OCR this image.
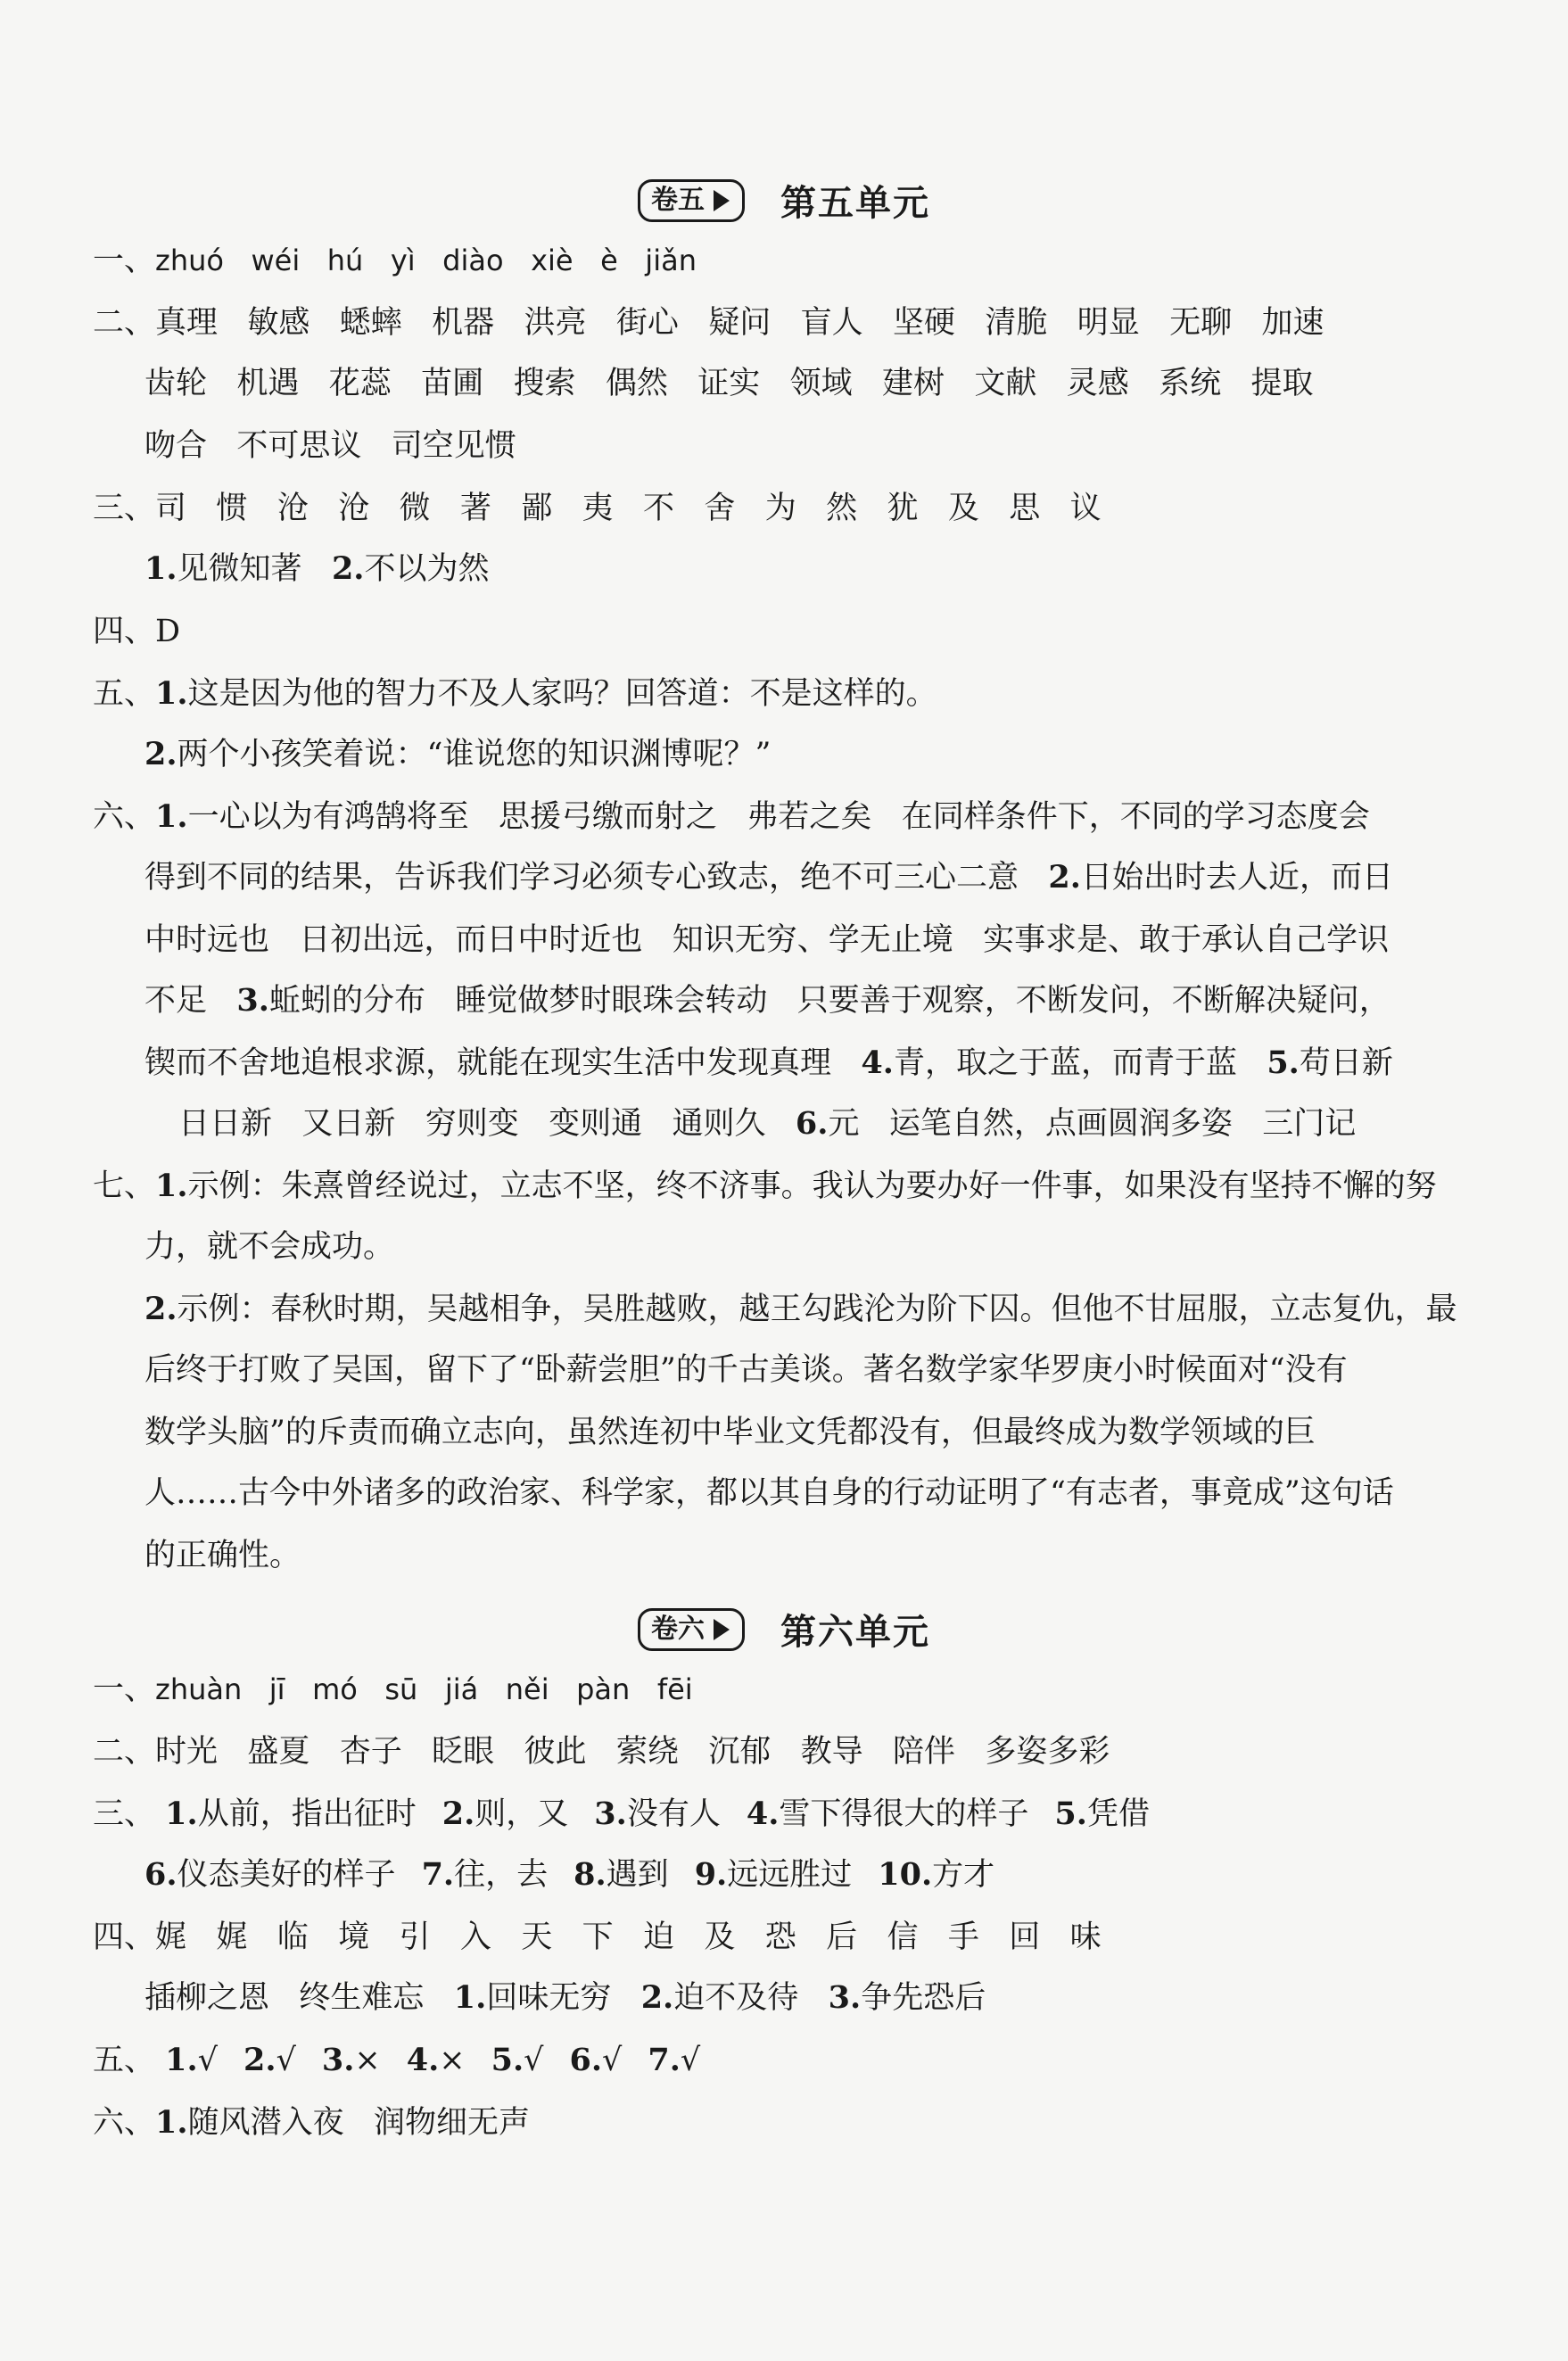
卷五 第五单元
一、zhuó   wéi   hú   yì   diào   xiè   è   jiǎn
二、真理   敏感   蟋蟀   机器   洪亮   街心   疑问   盲人   坚硬   清脆   明显   无聊   加速
齿轮   机遇   花蕊   苗圃   搜索   偶然   证实   领域   建树   文献   灵感   系统   提取
吻合   不可思议   司空见惯
三、司   惯   沧   沧   微   著   鄙   夷   不   舍   为   然   犹   及   思   议
1.见微知著 2.不以为然
四、D
五、1.这是因为他的智力不及人家吗？回答道：不是这样的。
2.两个小孩笑着说：“谁说您的知识渊博呢？”
六、1.一心以为有鸿鹄将至   思援弓缴而射之   弗若之矣   在同样条件下，不同的学习态度会
得到不同的结果，告诉我们学习必须专心致志，绝不可三心二意   2.日始出时去人近，而日
中时远也   日初出远，而日中时近也   知识无穷、学无止境   实事求是、敢于承认自己学识
不足   3.蚯蚓的分布   睡觉做梦时眼珠会转动   只要善于观察，不断发问，不断解决疑问，
锲而不舍地追根求源，就能在现实生活中发现真理   4.青，取之于蓝，而青于蓝   5.苟日新
日日新   又日新   穷则变   变则通   通则久   6.元   运笔自然，点画圆润多姿   三门记
七、1.示例：朱熹曾经说过，立志不坚，终不济事。我认为要办好一件事，如果没有坚持不懈的努
力，就不会成功。
2.示例：春秋时期，吴越相争，吴胜越败，越王勾践沦为阶下囚。但他不甘屈服，立志复仇，最
后终于打败了吴国，留下了“卧薪尝胆”的千古美谈。著名数学家华罗庚小时候面对“没有
数学头脑”的斥责而确立志向，虽然连初中毕业文凭都没有，但最终成为数学领域的巨
人……古今中外诸多的政治家、科学家，都以其自身的行动证明了“有志者，事竟成”这句话
的正确性。
卷六 第六单元
一、zhuàn   jī   mó   sū   jiá   něi   pàn   fēi
二、时光   盛夏   杏子   眨眼   彼此   萦绕   沉郁   教导   陪伴   多姿多彩
三、 1.从前，指出征时 2.则，又 3.没有人 4.雪下得很大的样子 5.凭借
6.仪态美好的样子 7.往，去 8.遇到 9.远远胜过 10.方才
四、娓   娓   临   境   引   入   天   下   迫   及   恐   后   信   手   回   味
插柳之恩   终生难忘   1.回味无穷   2.迫不及待   3.争先恐后
五、 1.√ 2.√ 3.× 4.× 5.√ 6.√ 7.√
六、1.随风潜入夜   润物细无声
